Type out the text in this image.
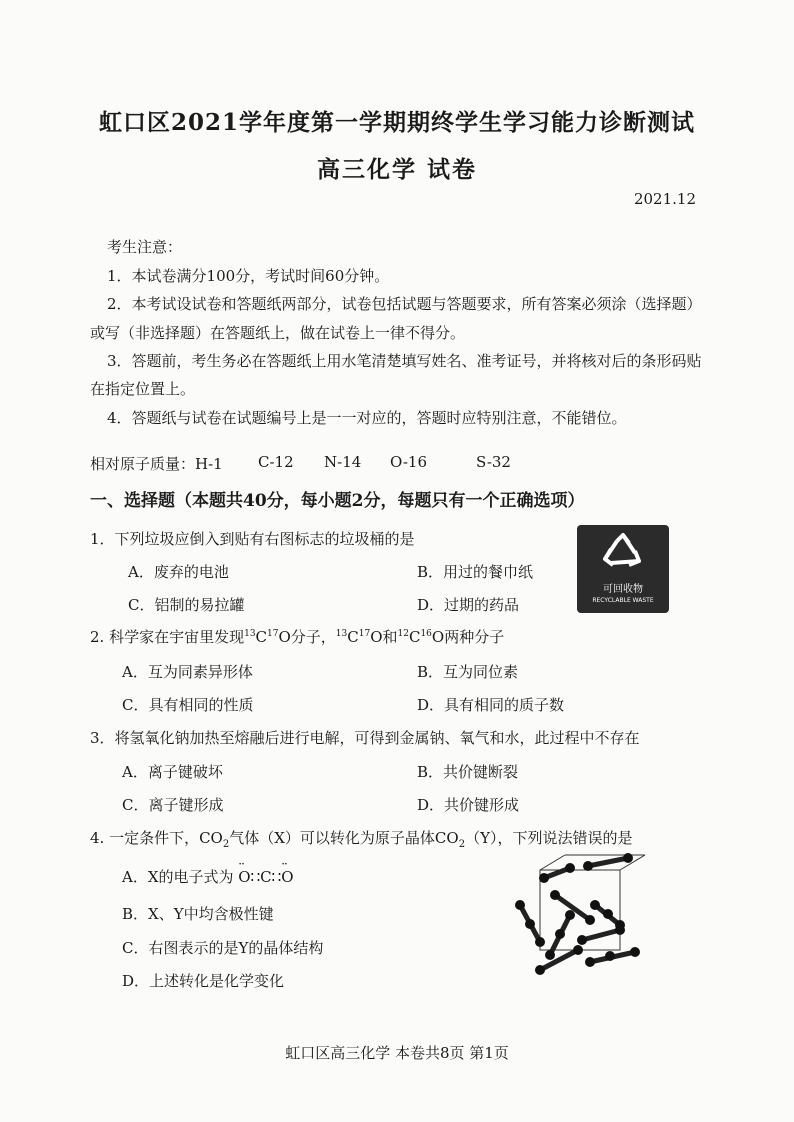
虹口区2021学年度第一学期期终学生学习能力诊断测试
高三化学 试卷
2021.12
考生注意：
1．本试卷满分100分，考试时间60分钟。
2．本考试设试卷和答题纸两部分，试卷包括试题与答题要求，所有答案必须涂（选择题）
或写（非选择题）在答题纸上，做在试卷上一律不得分。
3．答题前，考生务必在答题纸上用水笔清楚填写姓名、准考证号，并将核对后的条形码贴
在指定位置上。
4．答题纸与试卷在试题编号上是一一对应的，答题时应特别注意，不能错位。
相对原子质量：H-1 C-12 N-14 O-16	S-32
一、选择题（本题共40分，每小题2分，每题只有一个正确选项）
1．下列垃圾应倒入到贴有右图标志的垃圾桶的是
A．废弃的电池	B．用过的餐巾纸
C．铝制的易拉罐	D．过期的药品
可回收物
RECYCLABLE WASTE
2. 科学家在宇宙里发现$^{13}C^{17}O$分子，$^{13}C^{17}O$和$^{12}C^{16}O$两种分子
A．互为同素异形体	B．互为同位素
C．具有相同的性质	D．具有相同的质子数
3．将氢氧化钠加热至熔融后进行电解，可得到金属钠、氧气和水，此过程中不存在
A．离子键破坏	B．共价键断裂
C．离子键形成	D．共价键形成
4. 一定条件下，$CO_2$气体（X）可以转化为原子晶体$CO_2(Y)$，下列说法错误的是
A．X的电子式为 ·· O∷C∷·· O
B．X、Y中均含极性键
C．右图表示的是Y的晶体结构
D．上述转化是化学变化
虹口区高三化学 本卷共8页 第1页
